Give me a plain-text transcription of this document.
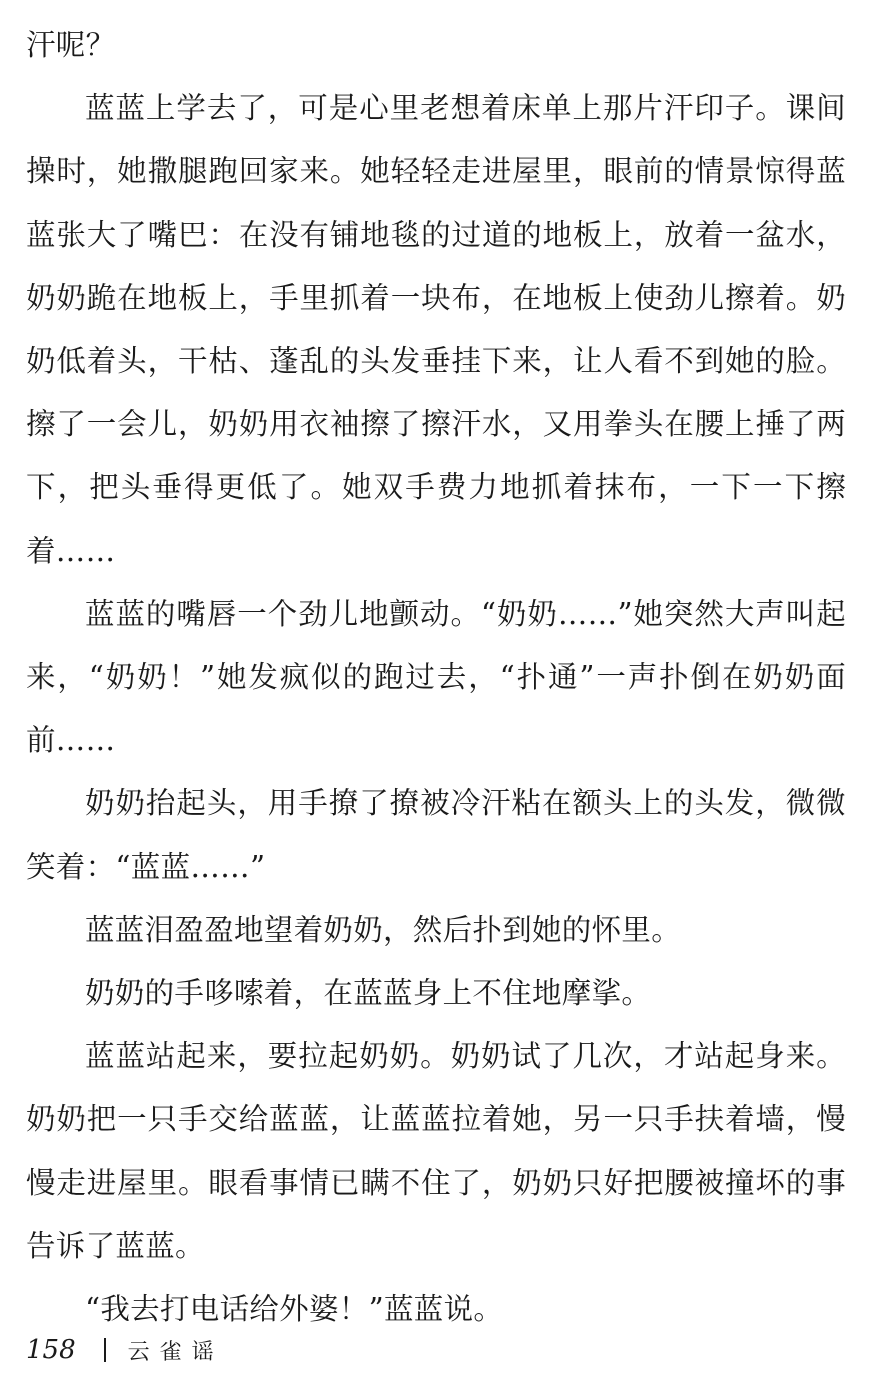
汗呢？

蓝蓝上学去了，可是心里老想着床单上那片汗印子。课间操时，她撒腿跑回家来。她轻轻走进屋里，眼前的情景惊得蓝蓝张大了嘴巴：在没有铺地毯的过道的地板上，放着一盆水，奶奶跪在地板上，手里抓着一块布，在地板上使劲儿擦着。奶奶低着头，干枯、蓬乱的头发垂挂下来，让人看不到她的脸。擦了一会儿，奶奶用衣袖擦了擦汗水，又用拳头在腰上捶了两下，把头垂得更低了。她双手费力地抓着抹布，一下一下擦着……

蓝蓝的嘴唇一个劲儿地颤动。“奶奶……”她突然大声叫起来，“奶奶！”她发疯似的跑过去，“扑通”一声扑倒在奶奶面前……

奶奶抬起头，用手撩了撩被冷汗粘在额头上的头发，微微笑着：“蓝蓝……”

蓝蓝泪盈盈地望着奶奶，然后扑到她的怀里。

奶奶的手哆嗦着，在蓝蓝身上不住地摩挲。

蓝蓝站起来，要拉起奶奶。奶奶试了几次，才站起身来。奶奶把一只手交给蓝蓝，让蓝蓝拉着她，另一只手扶着墙，慢慢走进屋里。眼看事情已瞒不住了，奶奶只好把腰被撞坏的事告诉了蓝蓝。

“我去打电话给外婆！”蓝蓝说。

158 云雀谣
